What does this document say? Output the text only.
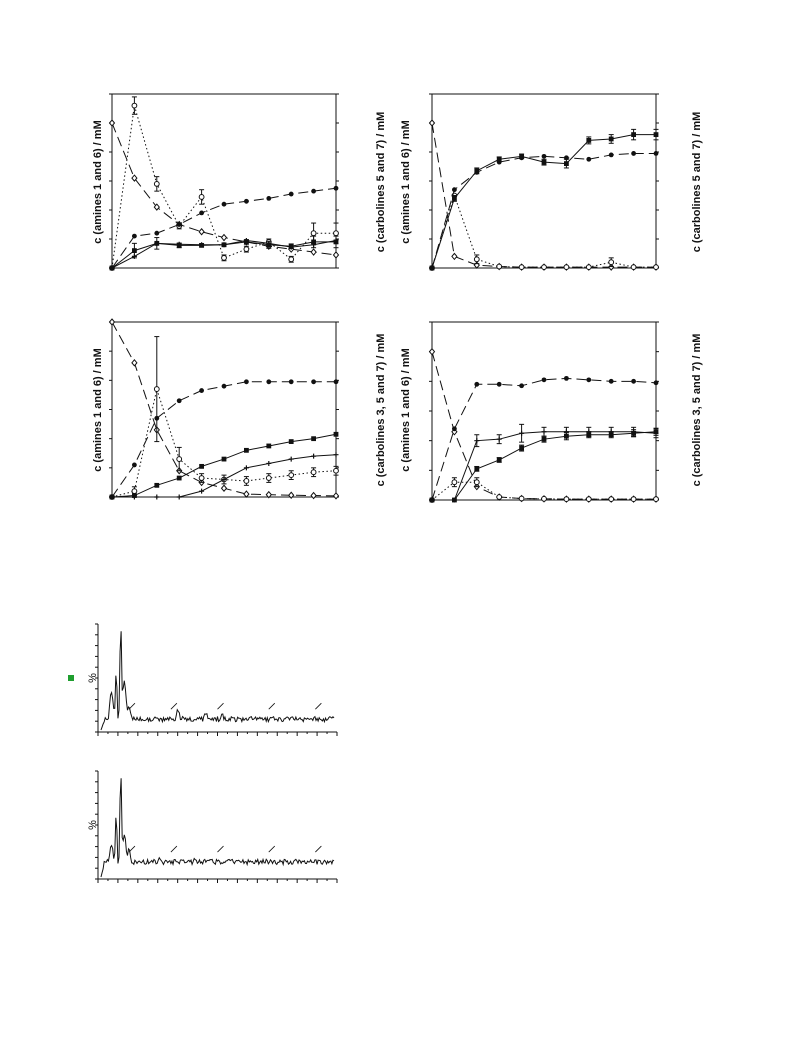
c (amines 1 and 6) / mM	c (carbolines 5 and 7) / mM c (amines 1 and 6) / mM	c (carbolines 5 and 7) / mM
c (amines 1 and 6) / mM	c (carbolines 3, 5 and 7) / mM c (amines 1 and 6) / mM	c (carbolines 3, 5 and 7) / mM
%
%
